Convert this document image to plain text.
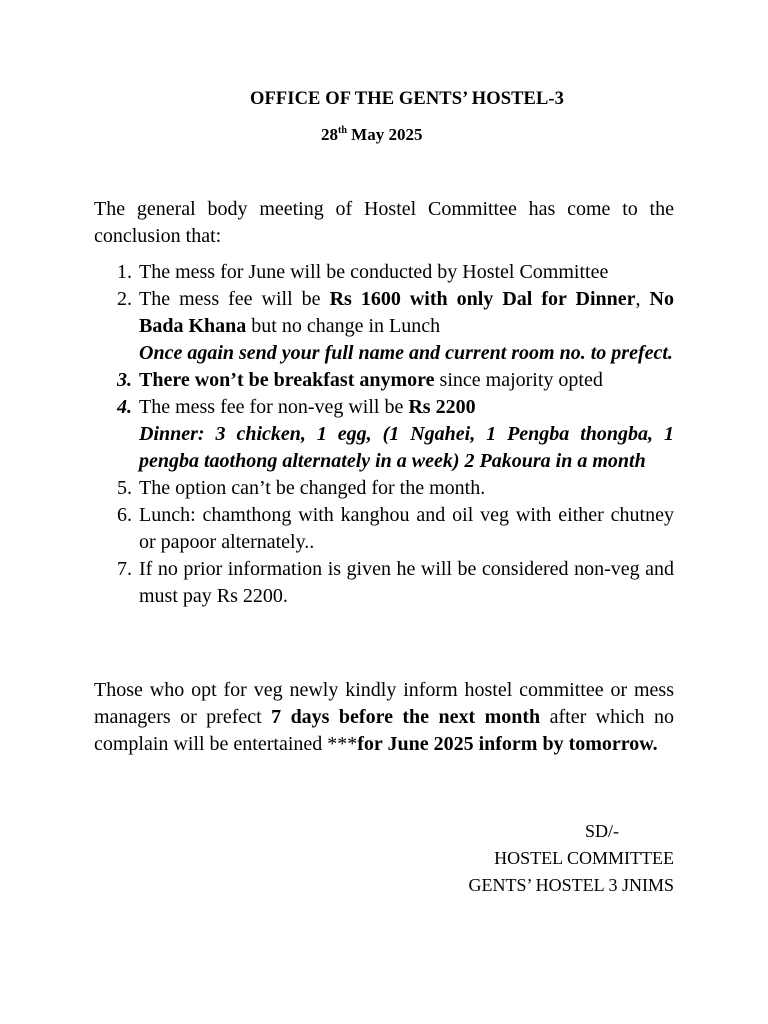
OFFICE OF THE GENTS’ HOSTEL-3
28th May 2025
The general body meeting of Hostel Committee has come to the conclusion that:
1. The mess for June will be conducted by Hostel Committee
2. The mess fee will be Rs 1600 with only Dal for Dinner, No Bada Khana but no change in Lunch
Once again send your full name and current room no. to prefect.
3. There won’t be breakfast anymore since majority opted
4. The mess fee for non-veg will be Rs 2200
Dinner: 3 chicken, 1 egg, (1 Ngahei, 1 Pengba thongba, 1 pengba taothong alternately in a week) 2 Pakoura in a month
5. The option can’t be changed for the month.
6. Lunch: chamthong with kanghou and oil veg with either chutney or papoor alternately..
7. If no prior information is given he will be considered non-veg and must pay Rs 2200.
Those who opt for veg newly kindly inform hostel committee or mess managers or prefect 7 days before the next month after which no complain will be entertained ***for June 2025 inform by tomorrow.
SD/-
HOSTEL COMMITTEE
GENTS’ HOSTEL 3 JNIMS
